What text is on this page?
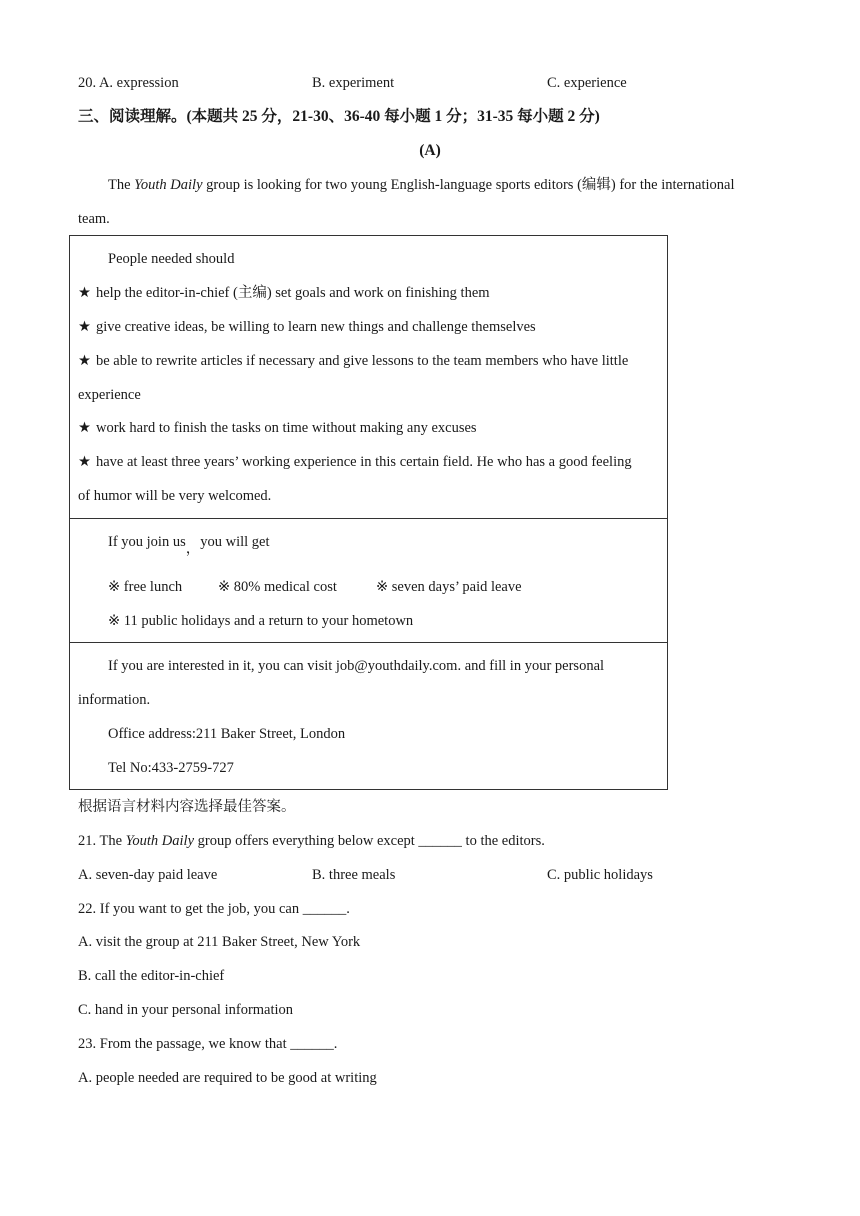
20. A. expression	B. experiment	C. experience
三、阅读理解。(本题共 25 分，21-30、36-40 每小题 1 分；31-35 每小题 2 分)
(A)
The Youth Daily group is looking for two young English-language sports editors (编辑) for the international
team.
People needed should
★ help the editor-in-chief (主编) set goals and work on finishing them
★ give creative ideas, be willing to learn new things and challenge themselves
★ be able to rewrite articles if necessary and give lessons to the team members who have little
experience
★ work hard to finish the tasks on time without making any excuses
★ have at least three years’ working experience in this certain field. He who has a good feeling
of humor will be very welcomed.
If you join us，you will get
※ free lunch ※ 80% medical cost	※ seven days’ paid leave
※ 11 public holidays and a return to your hometown
If you are interested in it, you can visit job@youthdaily.com. and fill in your personal
information.
Office address:211 Baker Street, London
Tel No:433-2759-727
根据语言材料内容选择最佳答案。
21. The Youth Daily group offers everything below except ______ to the editors.
A. seven-day paid leave	B. three meals	C. public holidays
22. If you want to get the job, you can ______.
A. visit the group at 211 Baker Street, New York
B. call the editor-in-chief
C. hand in your personal information
23. From the passage, we know that ______.
A. people needed are required to be good at writing
